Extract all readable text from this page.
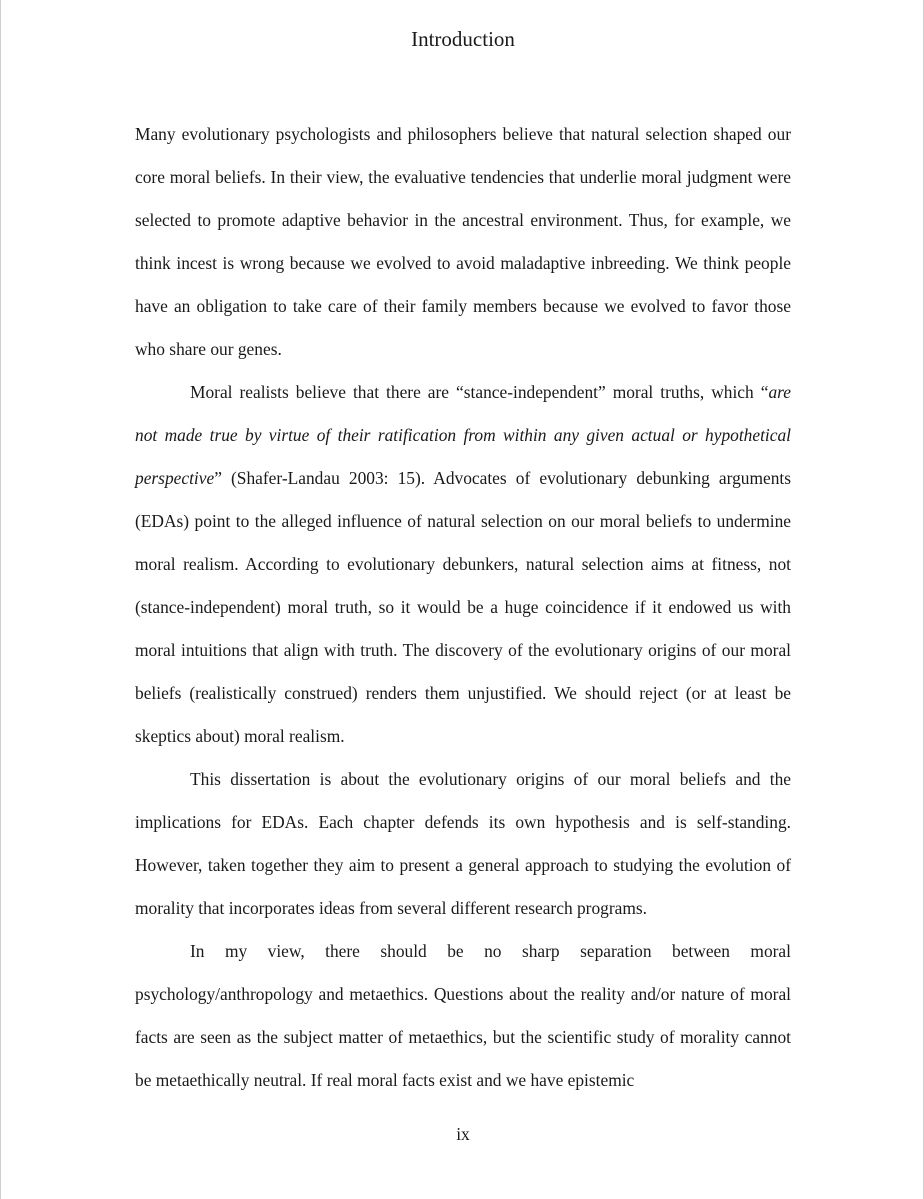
Introduction

Many evolutionary psychologists and philosophers believe that natural selection shaped our core moral beliefs. In their view, the evaluative tendencies that underlie moral judgment were selected to promote adaptive behavior in the ancestral environment. Thus, for example, we think incest is wrong because we evolved to avoid maladaptive inbreeding. We think people have an obligation to take care of their family members because we evolved to favor those who share our genes.

Moral realists believe that there are “stance-independent” moral truths, which “are not made true by virtue of their ratification from within any given actual or hypothetical perspective” (Shafer-Landau 2003: 15). Advocates of evolutionary debunking arguments (EDAs) point to the alleged influence of natural selection on our moral beliefs to undermine moral realism. According to evolutionary debunkers, natural selection aims at fitness, not (stance-independent) moral truth, so it would be a huge coincidence if it endowed us with moral intuitions that align with truth. The discovery of the evolutionary origins of our moral beliefs (realistically construed) renders them unjustified. We should reject (or at least be skeptics about) moral realism.

This dissertation is about the evolutionary origins of our moral beliefs and the implications for EDAs. Each chapter defends its own hypothesis and is self-standing. However, taken together they aim to present a general approach to studying the evolution of morality that incorporates ideas from several different research programs.

In my view, there should be no sharp separation between moral psychology/anthropology and metaethics. Questions about the reality and/or nature of moral facts are seen as the subject matter of metaethics, but the scientific study of morality cannot be metaethically neutral. If real moral facts exist and we have epistemic

ix
